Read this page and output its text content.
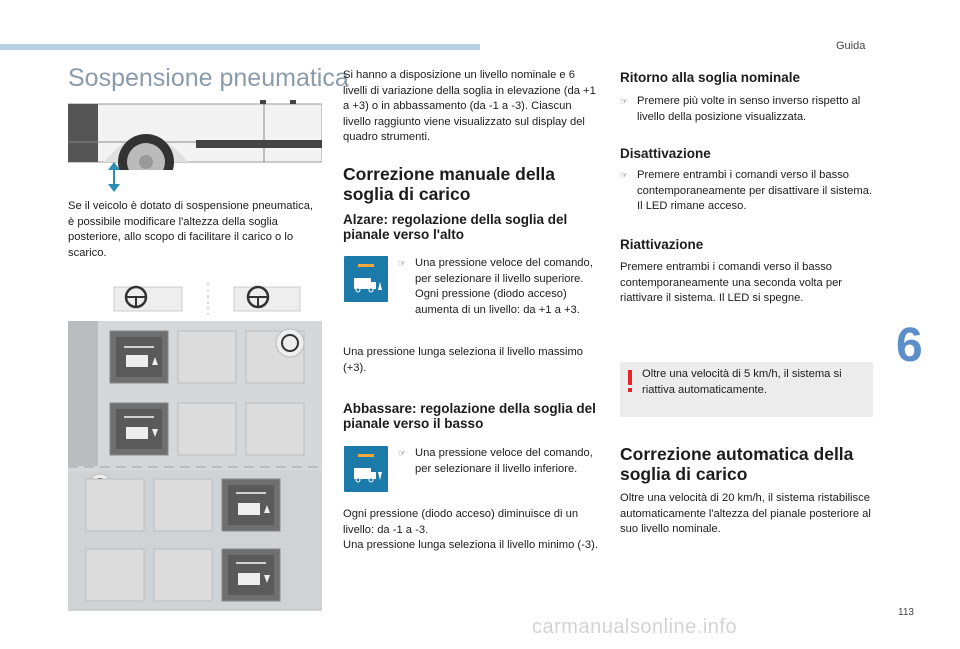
Guida
6
113
carmanualsonline.info
Sospensione pneumatica

Se il veicolo è dotato di sospensione pneumatica, è possibile modificare l'altezza della soglia posteriore, allo scopo di facilitare il carico o lo scarico.

Si hanno a disposizione un livello nominale e 6 livelli di variazione della soglia in elevazione (da +1 a +3) o in abbassamento (da -1 a -3). Ciascun livello raggiunto viene visualizzato sul display del quadro strumenti.

Correzione manuale della soglia di carico
Alzare: regolazione della soglia del pianale verso l'alto
☞ Una pressione veloce del comando, per selezionare il livello superiore. Ogni pressione (diodo acceso) aumenta di un livello: da +1 a +3.

Una pressione lunga seleziona il livello massimo (+3).

Abbassare: regolazione della soglia del pianale verso il basso
☞ Una pressione veloce del comando, per selezionare il livello inferiore.

Ogni pressione (diodo acceso) diminuisce di un livello: da -1 a -3.

Una pressione lunga seleziona il livello minimo (-3).

Ritorno alla soglia nominale
☞ Premere più volte in senso inverso rispetto al livello della posizione visualizzata.
Disattivazione
☞ Premere entrambi i comandi verso il basso contemporaneamente per disattivare il sistema. Il LED rimane acceso.
Riattivazione

Premere entrambi i comandi verso il basso contemporaneamente una seconda volta per riattivare il sistema. Il LED si spegne.

Oltre una velocità di 5 km/h, il sistema si riattiva automaticamente.

Correzione automatica della soglia di carico

Oltre una velocità di 20 km/h, il sistema ristabilisce automaticamente l'altezza del pianale posteriore al suo livello nominale.
